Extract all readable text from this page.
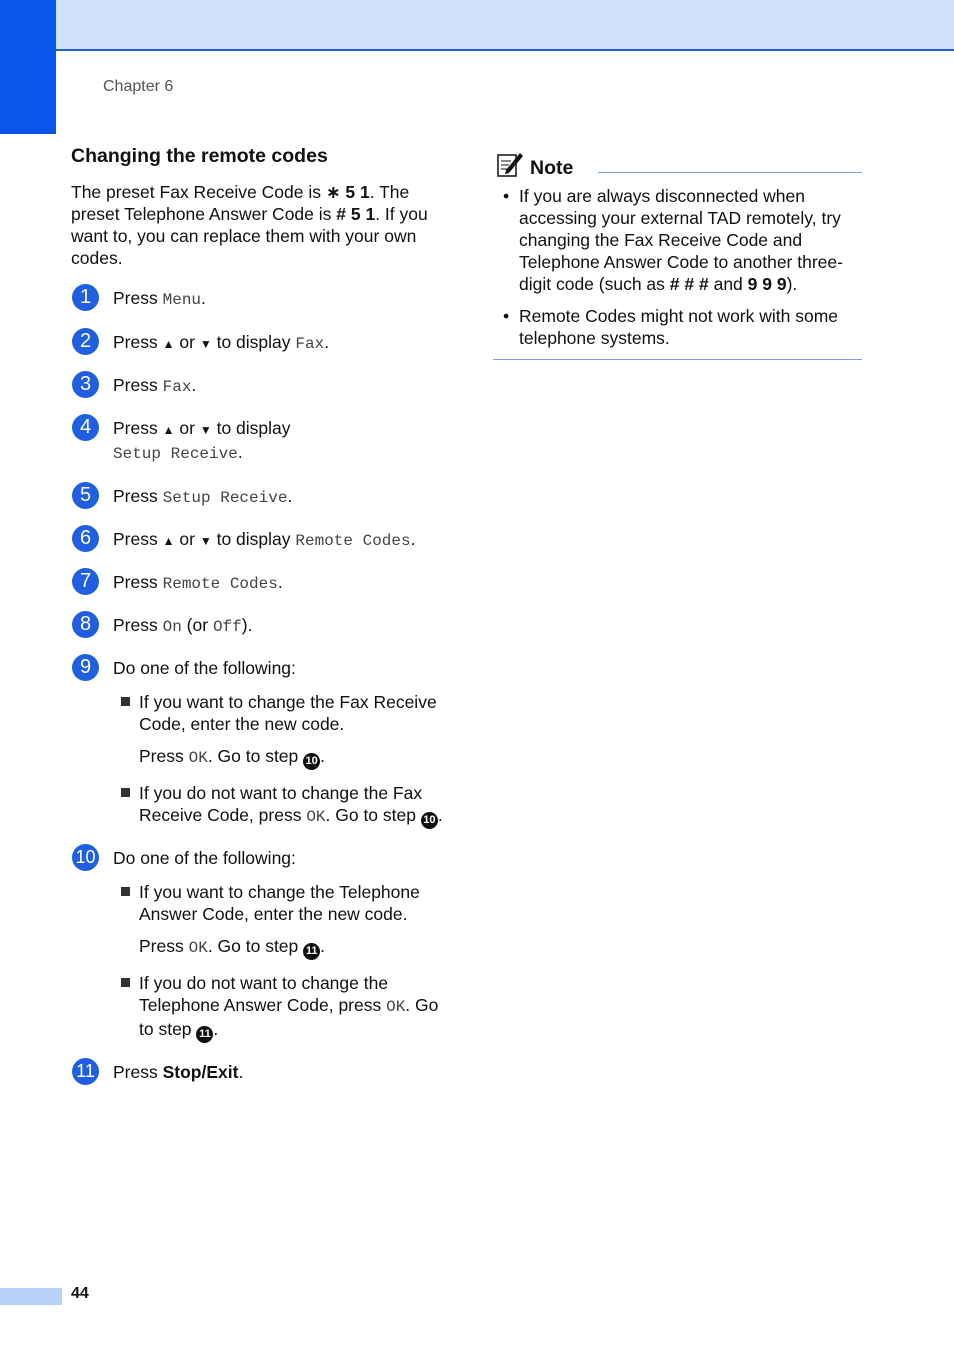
Chapter 6
Changing the remote codes

The preset Fax Receive Code is ∗ 5 1. The preset Telephone Answer Code is # 5 1. If you want to, you can replace them with your own codes.

1	Press Menu.
2	Press ▲ or ▼ to display Fax.
3	Press Fax.
4	Press ▲ or ▼ to display
Setup Receive.
5	Press Setup Receive.
6	Press ▲ or ▼ to display Remote Codes.
7	Press Remote Codes.
8	Press On (or Off).
9	Do one of the following:
If you want to change the Fax Receive Code, enter the new code.
Press OK. Go to step 10 .
If you do not want to change the Fax Receive Code, press OK. Go to step 10 .
10 Do one of the following:
If you want to change the Telephone Answer Code, enter the new code.
Press OK. Go to step 11 .
If you do not want to change the Telephone Answer Code, press OK. Go to step 11 .
11 Press Stop/Exit.
Note
• If you are always disconnected when accessing your external TAD remotely, try changing the Fax Receive Code and Telephone Answer Code to another three-digit code (such as # # # and 9 9 9).
• Remote Codes might not work with some telephone systems.
44
